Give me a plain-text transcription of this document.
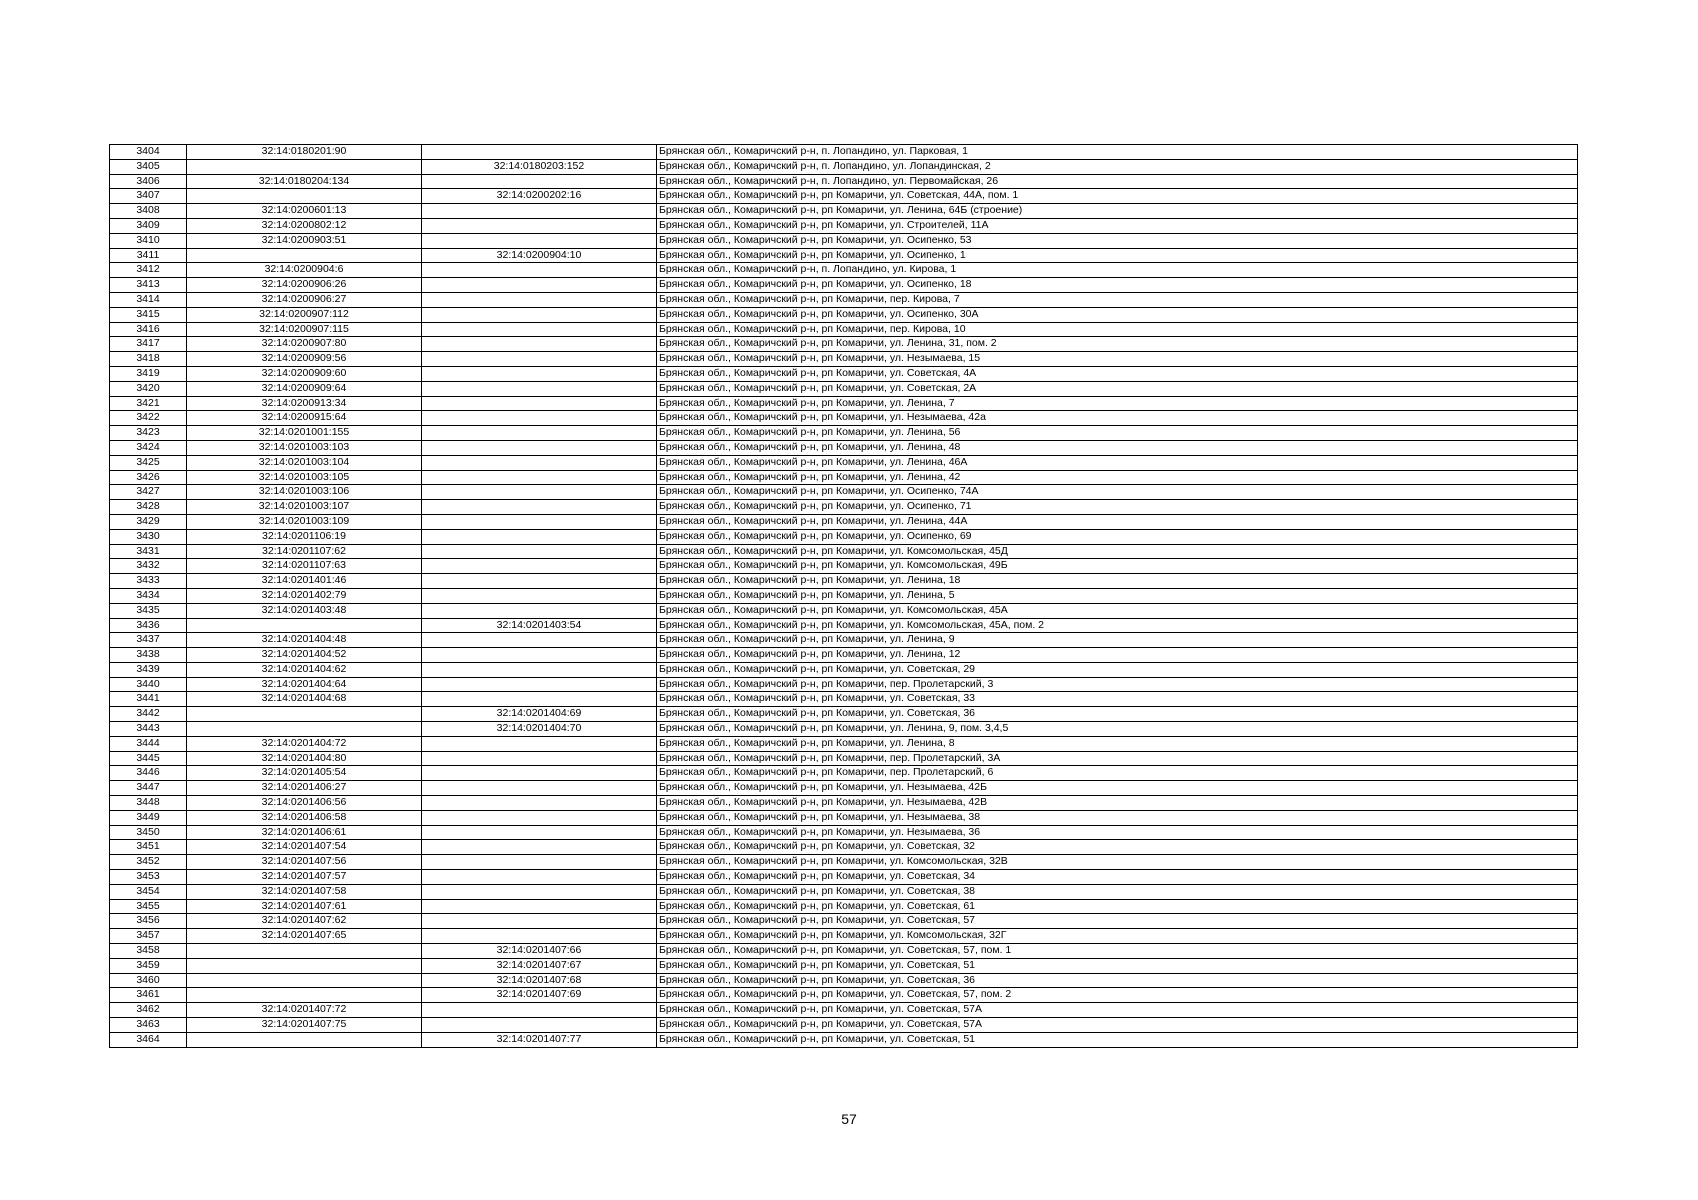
3404	32:14:0180201:90		Брянская обл., Комаричский р-н, п. Лопандино, ул. Парковая, 1
3405		32:14:0180203:152	Брянская обл., Комаричский р-н, п. Лопандино, ул. Лопандинская, 2
3406	32:14:0180204:134		Брянская обл., Комаричский р-н, п. Лопандино, ул. Первомайская, 26
3407		32:14:0200202:16	Брянская обл., Комаричский р-н, рп Комаричи, ул. Советская, 44А, пом. 1
3408	32:14:0200601:13		Брянская обл., Комаричский р-н, рп Комаричи, ул. Ленина, 64Б (строение)
3409	32:14:0200802:12		Брянская обл., Комаричский р-н, рп Комаричи, ул. Строителей, 11А
3410	32:14:0200903:51		Брянская обл., Комаричский р-н, рп Комаричи, ул. Осипенко, 53
3411		32:14:0200904:10	Брянская обл., Комаричский р-н, рп Комаричи, ул. Осипенко, 1
3412	32:14:0200904:6		Брянская обл., Комаричский р-н, п. Лопандино, ул. Кирова, 1
3413	32:14:0200906:26		Брянская обл., Комаричский р-н, рп Комаричи, ул. Осипенко, 18
3414	32:14:0200906:27		Брянская обл., Комаричский р-н, рп Комаричи, пер. Кирова, 7
3415	32:14:0200907:112		Брянская обл., Комаричский р-н, рп Комаричи, ул. Осипенко, 30А
3416	32:14:0200907:115		Брянская обл., Комаричский р-н, рп Комаричи, пер. Кирова, 10
3417	32:14:0200907:80		Брянская обл., Комаричский р-н, рп Комаричи, ул. Ленина, 31, пом. 2
3418	32:14:0200909:56		Брянская обл., Комаричский р-н, рп Комаричи, ул. Незымаева, 15
3419	32:14:0200909:60		Брянская обл., Комаричский р-н, рп Комаричи, ул. Советская, 4А
3420	32:14:0200909:64		Брянская обл., Комаричский р-н, рп Комаричи, ул. Советская, 2А
3421	32:14:0200913:34		Брянская обл., Комаричский р-н, рп Комаричи, ул. Ленина, 7
3422	32:14:0200915:64		Брянская обл., Комаричский р-н, рп Комаричи, ул. Незымаева, 42а
3423	32:14:0201001:155		Брянская обл., Комаричский р-н, рп Комаричи, ул. Ленина, 56
3424	32:14:0201003:103		Брянская обл., Комаричский р-н, рп Комаричи, ул. Ленина, 48
3425	32:14:0201003:104		Брянская обл., Комаричский р-н, рп Комаричи, ул. Ленина, 46А
3426	32:14:0201003:105		Брянская обл., Комаричский р-н, рп Комаричи, ул. Ленина, 42
3427	32:14:0201003:106		Брянская обл., Комаричский р-н, рп Комаричи, ул. Осипенко, 74А
3428	32:14:0201003:107		Брянская обл., Комаричский р-н, рп Комаричи, ул. Осипенко, 71
3429	32:14:0201003:109		Брянская обл., Комаричский р-н, рп Комаричи, ул. Ленина, 44А
3430	32:14:0201106:19		Брянская обл., Комаричский р-н, рп Комаричи, ул. Осипенко, 69
3431	32:14:0201107:62		Брянская обл., Комаричский р-н, рп Комаричи, ул. Комсомольская, 45Д
3432	32:14:0201107:63		Брянская обл., Комаричский р-н, рп Комаричи, ул. Комсомольская, 49Б
3433	32:14:0201401:46		Брянская обл., Комаричский р-н, рп Комаричи, ул. Ленина, 18
3434	32:14:0201402:79		Брянская обл., Комаричский р-н, рп Комаричи, ул. Ленина, 5
3435	32:14:0201403:48		Брянская обл., Комаричский р-н, рп Комаричи, ул. Комсомольская, 45А
3436		32:14:0201403:54	Брянская обл., Комаричский р-н, рп Комаричи, ул. Комсомольская, 45А, пом. 2
3437	32:14:0201404:48		Брянская обл., Комаричский р-н, рп Комаричи, ул. Ленина, 9
3438	32:14:0201404:52		Брянская обл., Комаричский р-н, рп Комаричи, ул. Ленина, 12
3439	32:14:0201404:62		Брянская обл., Комаричский р-н, рп Комаричи, ул. Советская, 29
3440	32:14:0201404:64		Брянская обл., Комаричский р-н, рп Комаричи, пер. Пролетарский, 3
3441	32:14:0201404:68		Брянская обл., Комаричский р-н, рп Комаричи, ул. Советская, 33
3442		32:14:0201404:69	Брянская обл., Комаричский р-н, рп Комаричи, ул. Советская, 36
3443		32:14:0201404:70	Брянская обл., Комаричский р-н, рп Комаричи, ул. Ленина, 9, пом. 3,4,5
3444	32:14:0201404:72		Брянская обл., Комаричский р-н, рп Комаричи, ул. Ленина, 8
3445	32:14:0201404:80		Брянская обл., Комаричский р-н, рп Комаричи, пер. Пролетарский, 3А
3446	32:14:0201405:54		Брянская обл., Комаричский р-н, рп Комаричи, пер. Пролетарский, 6
3447	32:14:0201406:27		Брянская обл., Комаричский р-н, рп Комаричи, ул. Незымаева, 42Б
3448	32:14:0201406:56		Брянская обл., Комаричский р-н, рп Комаричи, ул. Незымаева, 42В
3449	32:14:0201406:58		Брянская обл., Комаричский р-н, рп Комаричи, ул. Незымаева, 38
3450	32:14:0201406:61		Брянская обл., Комаричский р-н, рп Комаричи, ул. Незымаева, 36
3451	32:14:0201407:54		Брянская обл., Комаричский р-н, рп Комаричи, ул. Советская, 32
3452	32:14:0201407:56		Брянская обл., Комаричский р-н, рп Комаричи, ул. Комсомольская, 32В
3453	32:14:0201407:57		Брянская обл., Комаричский р-н, рп Комаричи, ул. Советская, 34
3454	32:14:0201407:58		Брянская обл., Комаричский р-н, рп Комаричи, ул. Советская, 38
3455	32:14:0201407:61		Брянская обл., Комаричский р-н, рп Комаричи, ул. Советская, 61
3456	32:14:0201407:62		Брянская обл., Комаричский р-н, рп Комаричи, ул. Советская, 57
3457	32:14:0201407:65		Брянская обл., Комаричский р-н, рп Комаричи, ул. Комсомольская, 32Г
3458		32:14:0201407:66	Брянская обл., Комаричский р-н, рп Комаричи, ул. Советская, 57, пом. 1
3459		32:14:0201407:67	Брянская обл., Комаричский р-н, рп Комаричи, ул. Советская, 51
3460		32:14:0201407:68	Брянская обл., Комаричский р-н, рп Комаричи, ул. Советская, 36
3461		32:14:0201407:69	Брянская обл., Комаричский р-н, рп Комаричи, ул. Советская, 57, пом. 2
3462	32:14:0201407:72		Брянская обл., Комаричский р-н, рп Комаричи, ул. Советская, 57А
3463	32:14:0201407:75		Брянская обл., Комаричский р-н, рп Комаричи, ул. Советская, 57А
3464		32:14:0201407:77	Брянская обл., Комаричский р-н, рп Комаричи, ул. Советская, 51
57
